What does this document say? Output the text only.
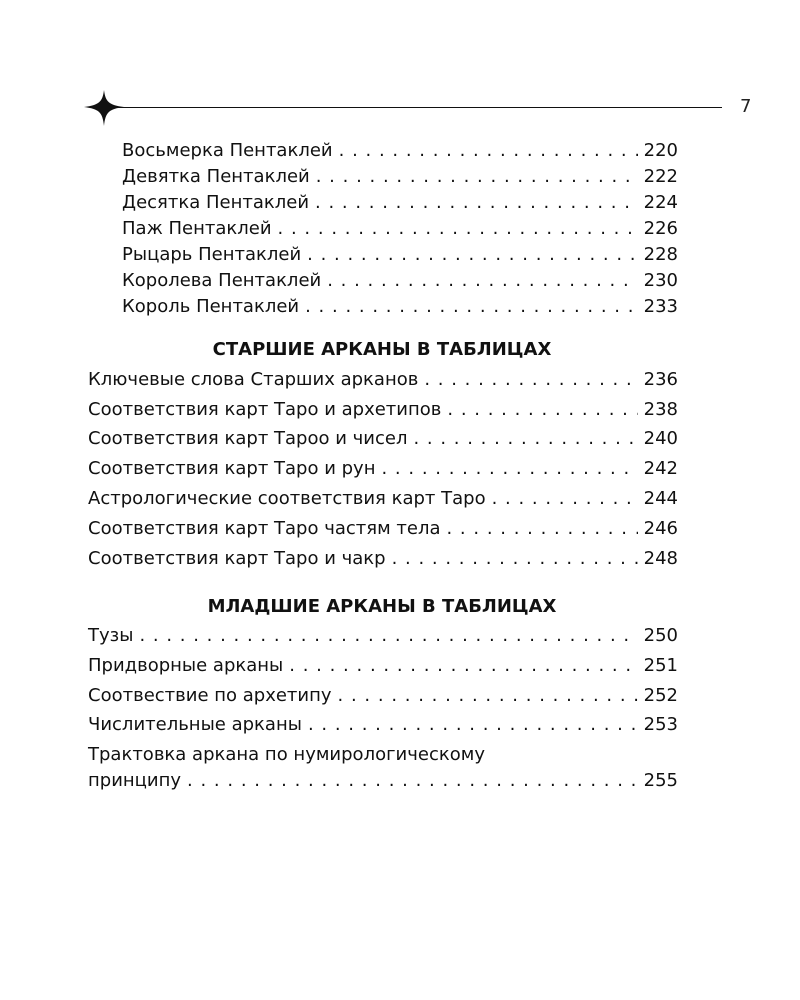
7
Восьмерка Пентаклей . . .	220
Девятка Пентаклей . . .	222
Десятка Пентаклей . . .	224
Паж Пентаклей . . .	226
Рыцарь Пентаклей . . .	228
Королева Пентаклей . . .	230
Король Пентаклей . . .	233
СТАРШИЕ АРКАНЫ В ТАБЛИЦАХ
Ключевые слова Старших арканов . . .	236
Соответствия карт Таро и архетипов . . .	238
Соответствия карт Тароо и чисел . . .	240
Соответствия карт Таро и рун . . .	242
Астрологические соответствия карт Таро . . .	244
Соответствия карт Таро частям тела . . .	246
Соответствия карт Таро и чакр . . .	248
МЛАДШИЕ АРКАНЫ В ТАБЛИЦАХ
Тузы . . .	250
Придворные арканы . . .	251
Соотвествие по архетипу . . .	252
Числительные арканы . . .	253
Трактовка аркана по нумирологическому
принципу . . .	255
